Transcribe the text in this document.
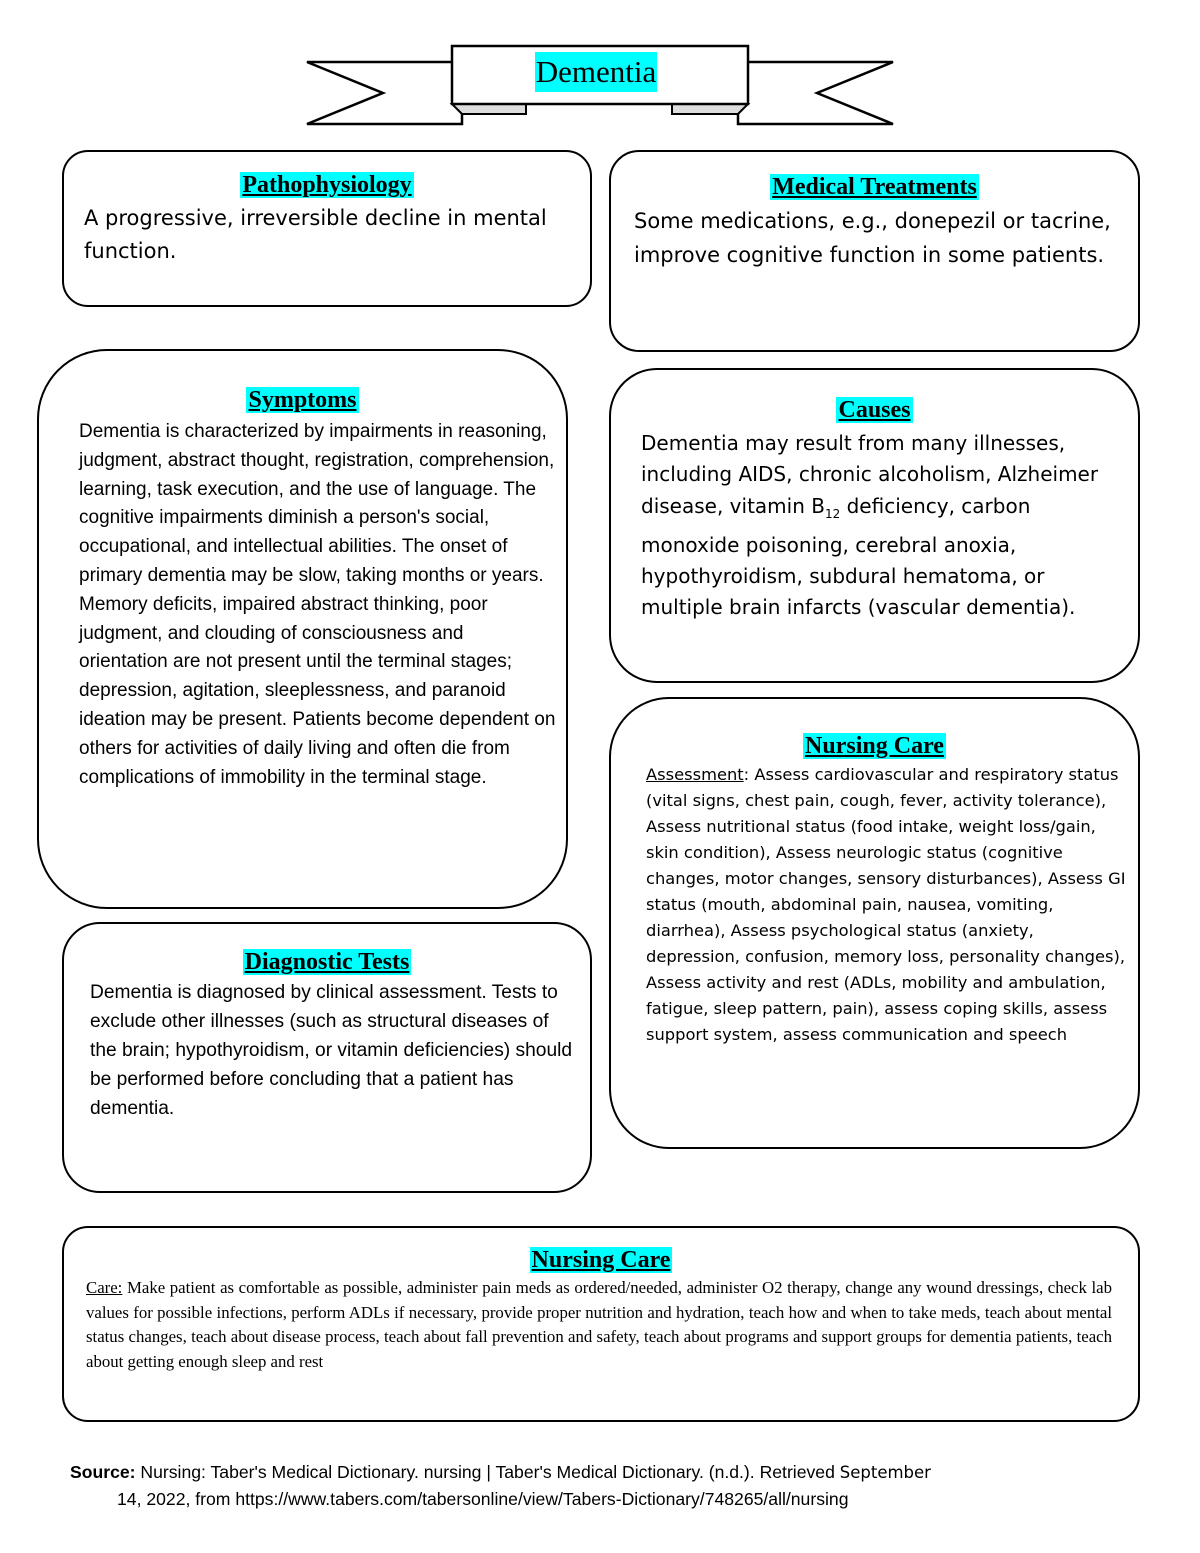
Dementia

Pathophysiology

A progressive, irreversible decline in mental function.

Medical Treatments

Some medications, e.g., donepezil or tacrine, improve cognitive function in some patients.

Symptoms

Dementia is characterized by impairments in reasoning, judgment, abstract thought, registration, comprehension, learning, task execution, and the use of language. The cognitive impairments diminish a person's social, occupational, and intellectual abilities. The onset of primary dementia may be slow, taking months or years. Memory deficits, impaired abstract thinking, poor judgment, and clouding of consciousness and orientation are not present until the terminal stages; depression, agitation, sleeplessness, and paranoid ideation may be present. Patients become dependent on others for activities of daily living and often die from complications of immobility in the terminal stage.

Causes

Dementia may result from many illnesses, including AIDS, chronic alcoholism, Alzheimer disease, vitamin $B_{12}$ deficiency, carbon monoxide poisoning, cerebral anoxia, hypothyroidism, subdural hematoma, or multiple brain infarcts (vascular dementia).

Nursing Care

Assessment: Assess cardiovascular and respiratory status (vital signs, chest pain, cough, fever, activity tolerance), Assess nutritional status (food intake, weight loss/gain, skin condition), Assess neurologic status (cognitive changes, motor changes, sensory disturbances), Assess GI status (mouth, abdominal pain, nausea, vomiting, diarrhea), Assess psychological status (anxiety, depression, confusion, memory loss, personality changes), Assess activity and rest (ADLs, mobility and ambulation, fatigue, sleep pattern, pain), assess coping skills, assess support system, assess communication and speech

Diagnostic Tests

Dementia is diagnosed by clinical assessment. Tests to exclude other illnesses (such as structural diseases of the brain; hypothyroidism, or vitamin deficiencies) should be performed before concluding that a patient has dementia.

Nursing Care

Care: Make patient as comfortable as possible, administer pain meds as ordered/needed, administer O2 therapy, change any wound dressings, check lab values for possible infections, perform ADLs if necessary, provide proper nutrition and hydration, teach how and when to take meds, teach about mental status changes, teach about disease process, teach about fall prevention and safety, teach about programs and support groups for dementia patients, teach about getting enough sleep and rest

Source: Nursing: Taber's Medical Dictionary. nursing | Taber's Medical Dictionary. (n.d.). Retrieved September
14, 2022, from https://www.tabers.com/tabersonline/view/Tabers-Dictionary/748265/all/nursing
